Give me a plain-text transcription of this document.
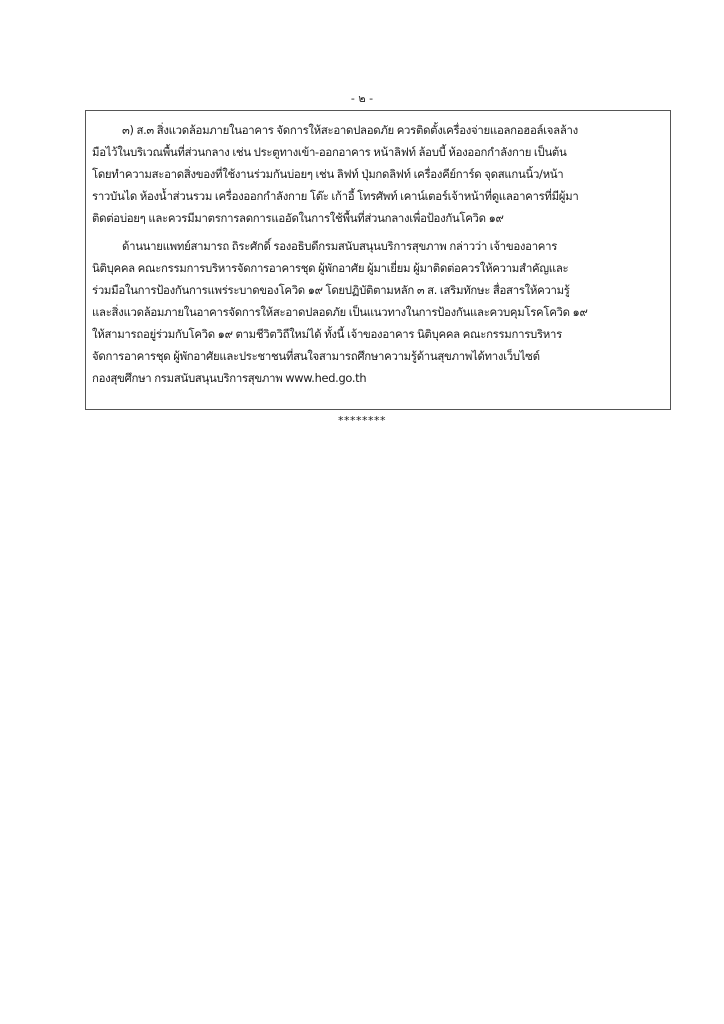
- ๒ -

๓) ส.๓ สิ่งแวดล้อมภายในอาคาร จัดการให้สะอาดปลอดภัย ควรติดตั้งเครื่องจ่ายแอลกอฮอล์เจลล้าง
มือไว้ในบริเวณพื้นที่ส่วนกลาง เช่น ประตูทางเข้า-ออกอาคาร หน้าลิฟท์ ล้อบบี้ ห้องออกกำลังกาย เป็นต้น
โดยทำความสะอาดสิ่งของที่ใช้งานร่วมกันบ่อยๆ เช่น ลิฟท์ ปุ่มกดลิฟท์ เครื่องคีย์การ์ด จุดสแกนนิ้ว/หน้า
ราวบันได ห้องน้ำส่วนรวม เครื่องออกกำลังกาย โต๊ะ เก้าอี้ โทรศัพท์ เคาน์เตอร์เจ้าหน้าที่ดูแลอาคารที่มีผู้มา
ติดต่อบ่อยๆ และควรมีมาตรการลดการแออัดในการใช้พื้นที่ส่วนกลางเพื่อป้องกันโควิด ๑๙

ด้านนายแพทย์สามารถ ถิระศักดิ์ รองอธิบดีกรมสนับสนุนบริการสุขภาพ กล่าวว่า เจ้าของอาคาร
นิติบุคคล คณะกรรมการบริหารจัดการอาคารชุด ผู้พักอาศัย ผู้มาเยี่ยม ผู้มาติดต่อควรให้ความสำคัญและ
ร่วมมือในการป้องกันการแพร่ระบาดของโควิด ๑๙ โดยปฏิบัติตามหลัก ๓ ส. เสริมทักษะ สื่อสารให้ความรู้
และสิ่งแวดล้อมภายในอาคารจัดการให้สะอาดปลอดภัย เป็นแนวทางในการป้องกันและควบคุมโรคโควิด ๑๙
ให้สามารถอยู่ร่วมกับโควิด ๑๙ ตามชีวิตวิถีใหม่ได้ ทั้งนี้ เจ้าของอาคาร นิติบุคคล คณะกรรมการบริหาร
จัดการอาคารชุด ผู้พักอาศัยและประชาชนที่สนใจสามารถศึกษาความรู้ด้านสุขภาพได้ทางเว็บไซต์
กองสุขศึกษา กรมสนับสนุนบริการสุขภาพ www.hed.go.th

********
